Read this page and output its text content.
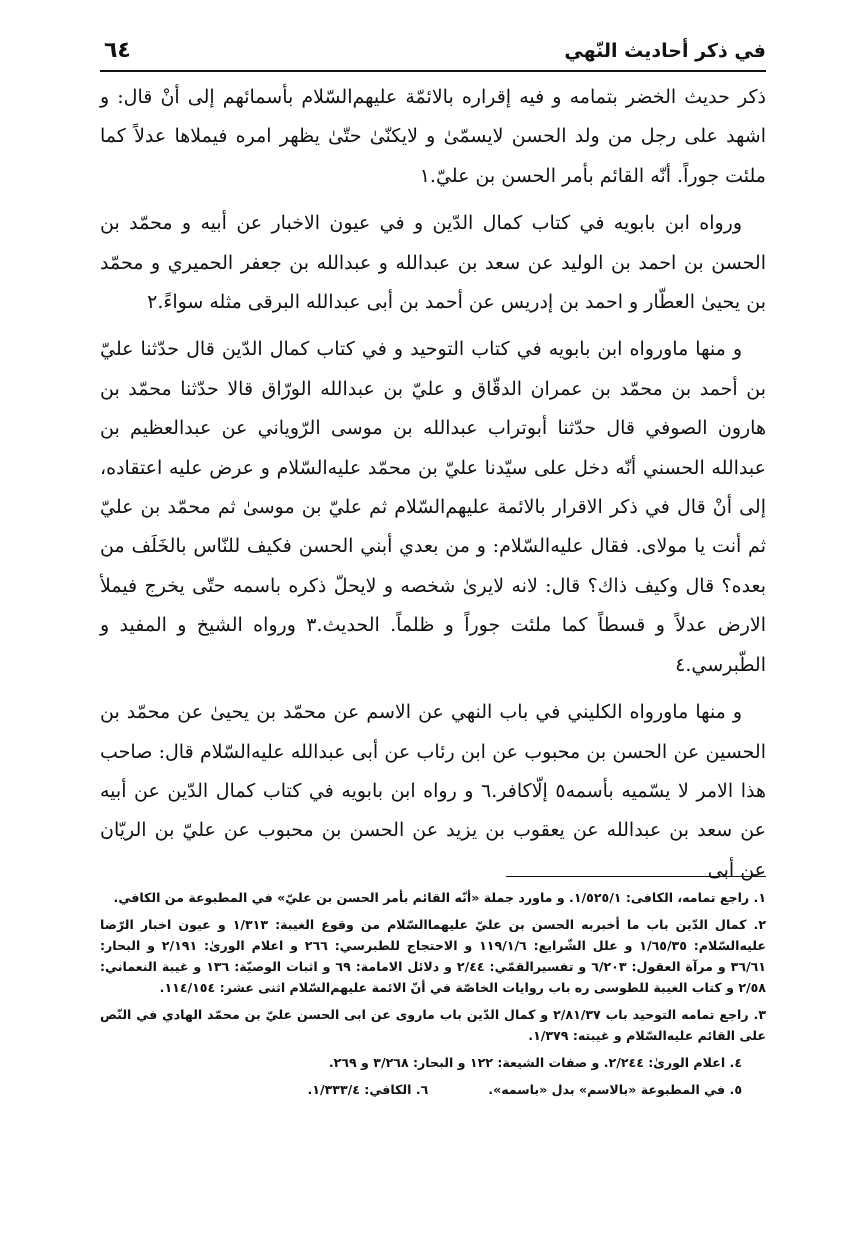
في ذكر أحاديث النّهي
٦٤

ذكر حديث الخضر بتمامه و فيه إقراره بالائمّة عليهم‌السّلام بأسمائهم إلى أنْ قال: و اشهد على رجل من ولد الحسن لايسمّىٰ و لايكنّىٰ حتّىٰ يظهر امره فيملاها عدلاً كما ملئت جوراً. أنّه القائم بأمر الحسن بن عليّ.١

ورواه ابن بابويه في كتاب كمال الدّين و في عيون الاخبار عن أبيه و محمّد بن الحسن بن احمد بن الوليد عن سعد بن عبدالله و عبدالله بن جعفر الحميري و محمّد بن يحيىٰ العطّار و احمد بن إدريس عن أحمد بن أبى عبدالله البرقى مثله سواءً.٢

و منها ماورواه ابن بابويه في كتاب التوحيد و في كتاب كمال الدّين قال حدّثنا عليّ بن أحمد بن محمّد بن عمران الدقّاق و عليّ بن عبدالله الورّاق قالا حدّثنا محمّد بن هارون الصوفي قال حدّثنا أبوتراب عبدالله بن موسى الرّوياني عن عبدالعظيم بن عبدالله الحسني أنّه دخل على سيّدنا عليّ بن محمّد عليه‌السّلام و عرض عليه اعتقاده، إلى أنْ قال في ذكر الاقرار بالائمة عليهم‌السّلام ثم عليّ بن موسىٰ ثم محمّد بن عليّ ثم أنت يا مولاى. فقال عليه‌السّلام: و من بعدي أبني الحسن فكيف للنّاس بالخَلَف من بعده؟ قال وكيف ذاك؟ قال: لانه لايرىٰ شخصه و لايحلّ ذكره باسمه حتّى يخرج فيملأ الارض عدلاً و قسطاً كما ملئت جوراً و ظلماً. الحديث.٣ ورواه الشيخ و المفيد و الطّبرسي.٤

و منها ماورواه الكليني في باب النهي عن الاسم عن محمّد بن يحيىٰ عن محمّد بن الحسين عن الحسن بن محبوب عن ابن رئاب عن أبى عبدالله عليه‌السّلام قال: صاحب هذا الامر لا يسّميه بأسمه٥ إلّاكافر.٦ و رواه ابن بابويه في كتاب كمال الدّين عن أبيه عن سعد بن عبدالله عن يعقوب بن يزيد عن الحسن بن محبوب عن عليّ بن الريّان عن أبى

١. راجع تمامه، الكافى: ١/٥٢٥/١. و ماورد جملة «أنّه القائم بأمر الحسن بن عليّ» في المطبوعة من الكافي.

٢. كمال الدّين باب ما أخبربه الحسن بن عليّ عليهماالسّلام من وقوع الغيبة: ١/٣١٣ و عيون اخبار الرّضا عليه‌السّلام: ١/٦٥/٣٥ و علل الشّرايع: ١١٩/١/٦ و الاحتجاج للطبرسي: ٢٦٦ و اعلام الورىٰ: ٢/١٩١ و البحار: ٣٦/٦١ و مرآة العقول: ٦/٢٠٣ و تفسيرالقمّي: ٢/٤٤ و دلائل الامامة: ٦٩ و اثبات الوصيّة: ١٣٦ و غيبة النعماني: ٢/٥٨ و كتاب الغيبة للطوسى ره باب روايات الخاصّة في أنّ الائمة عليهم‌السّلام اثنى عشر: ١١٤/١٥٤.

٣. راجع تمامه التوحيد باب ٢/٨١/٣٧ و كمال الدّين باب ماروى عن ابى الحسن عليّ بن محمّد الهادي في النّص على القائم عليه‌السّلام و غيبته: ١/٣٧٩.

٤. اعلام الورىٰ: ٢/٢٤٤. و صفات الشيعة: ١٢٢ و البحار: ٣/٢٦٨ و ٢٦٩.

٥. في المطبوعة «بالاسم» بدل «باسمه».
٦. الكافي: ١/٣٣٣/٤.
